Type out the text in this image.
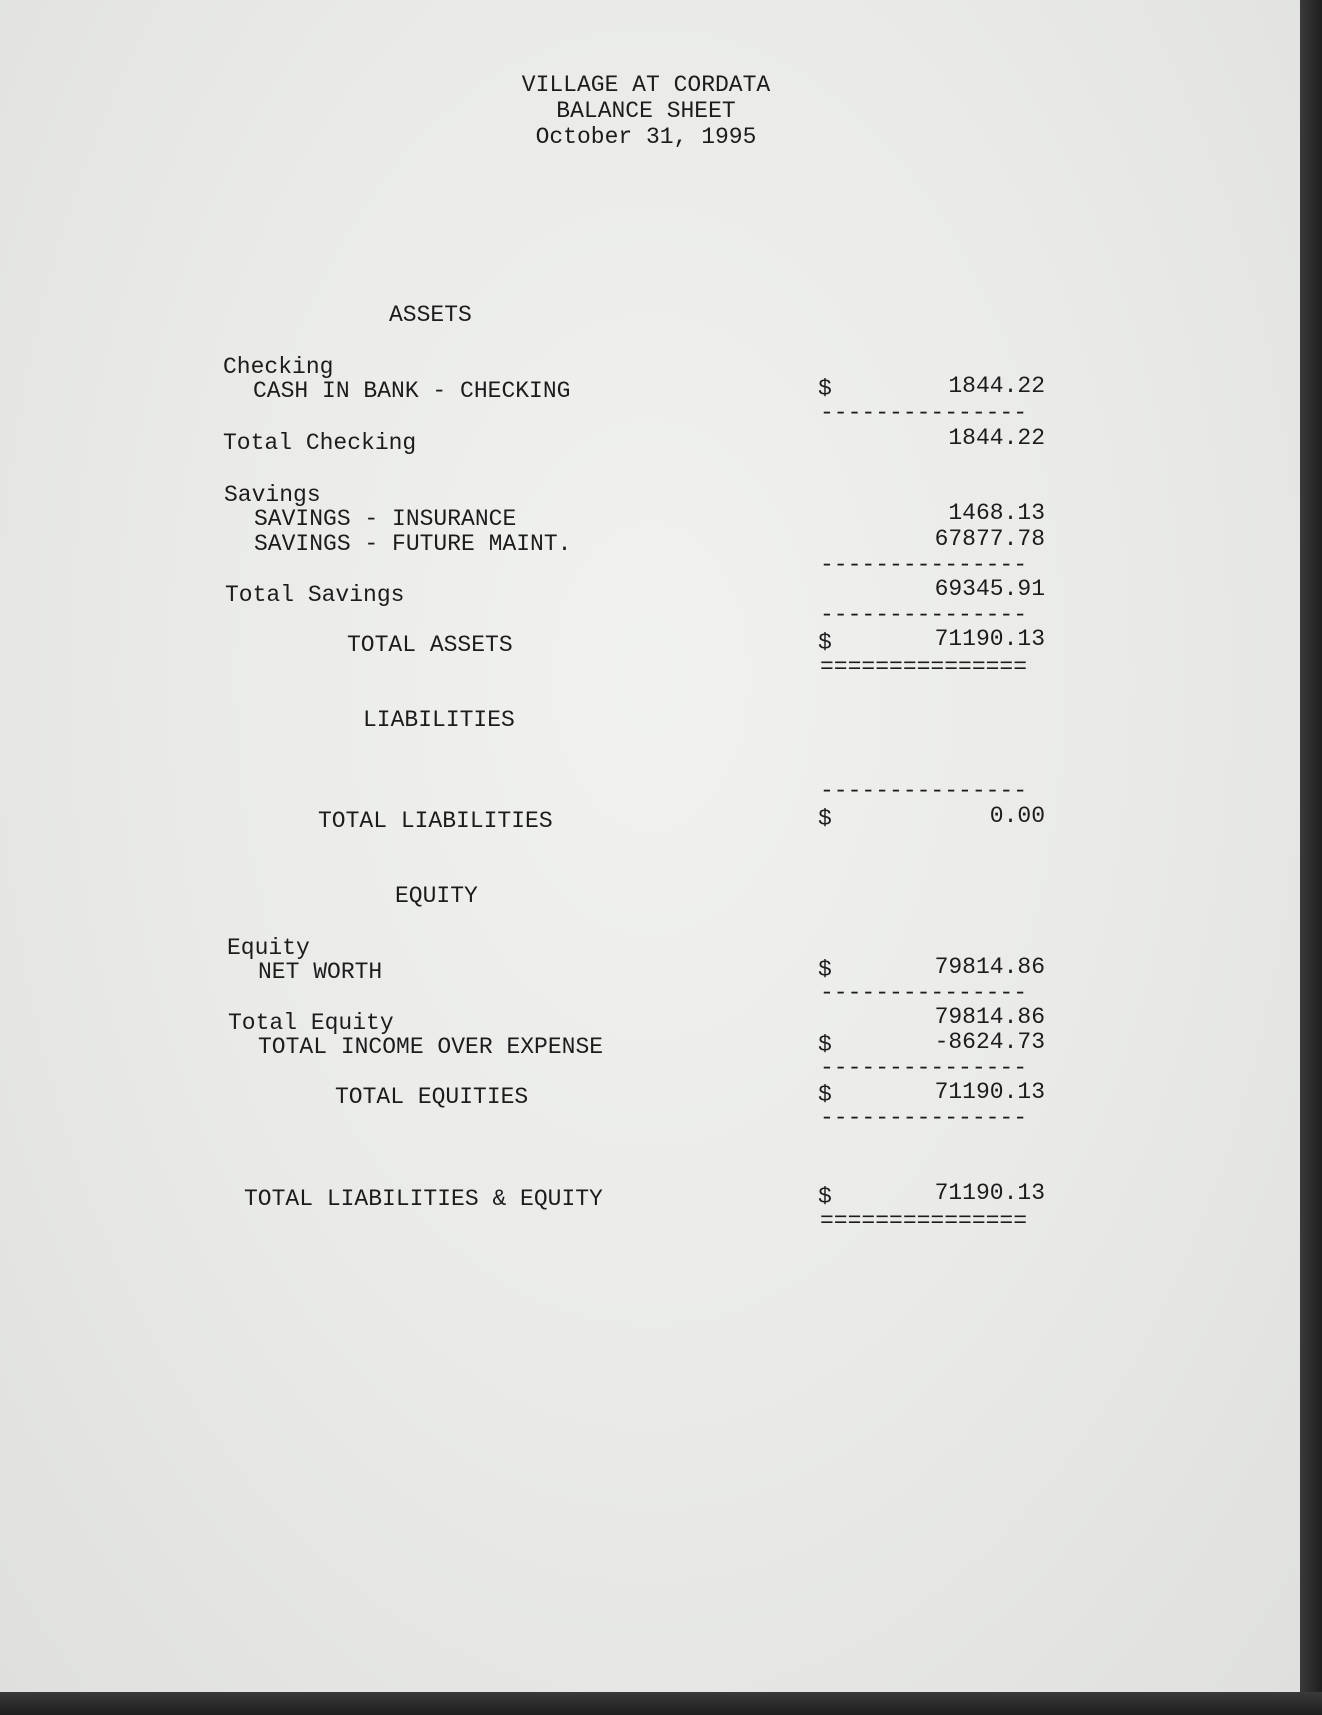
VILLAGE AT CORDATA
BALANCE SHEET
October 31, 1995
ASSETS
Checking
CASH IN BANK - CHECKING	$	1844.22
---------------
Total Checking	1844.22
Savings
SAVINGS - INSURANCE	1468.13
SAVINGS - FUTURE MAINT.	67877.78
---------------
Total Savings	69345.91
---------------
TOTAL ASSETS	$	71190.13
===============
LIABILITIES
---------------
TOTAL LIABILITIES	$	0.00
EQUITY
Equity
NET WORTH	$	79814.86
---------------
Total Equity	79814.86
TOTAL INCOME OVER EXPENSE	$	-8624.73
---------------
TOTAL EQUITIES	$	71190.13
---------------
TOTAL LIABILITIES & EQUITY	$	71190.13
===============
